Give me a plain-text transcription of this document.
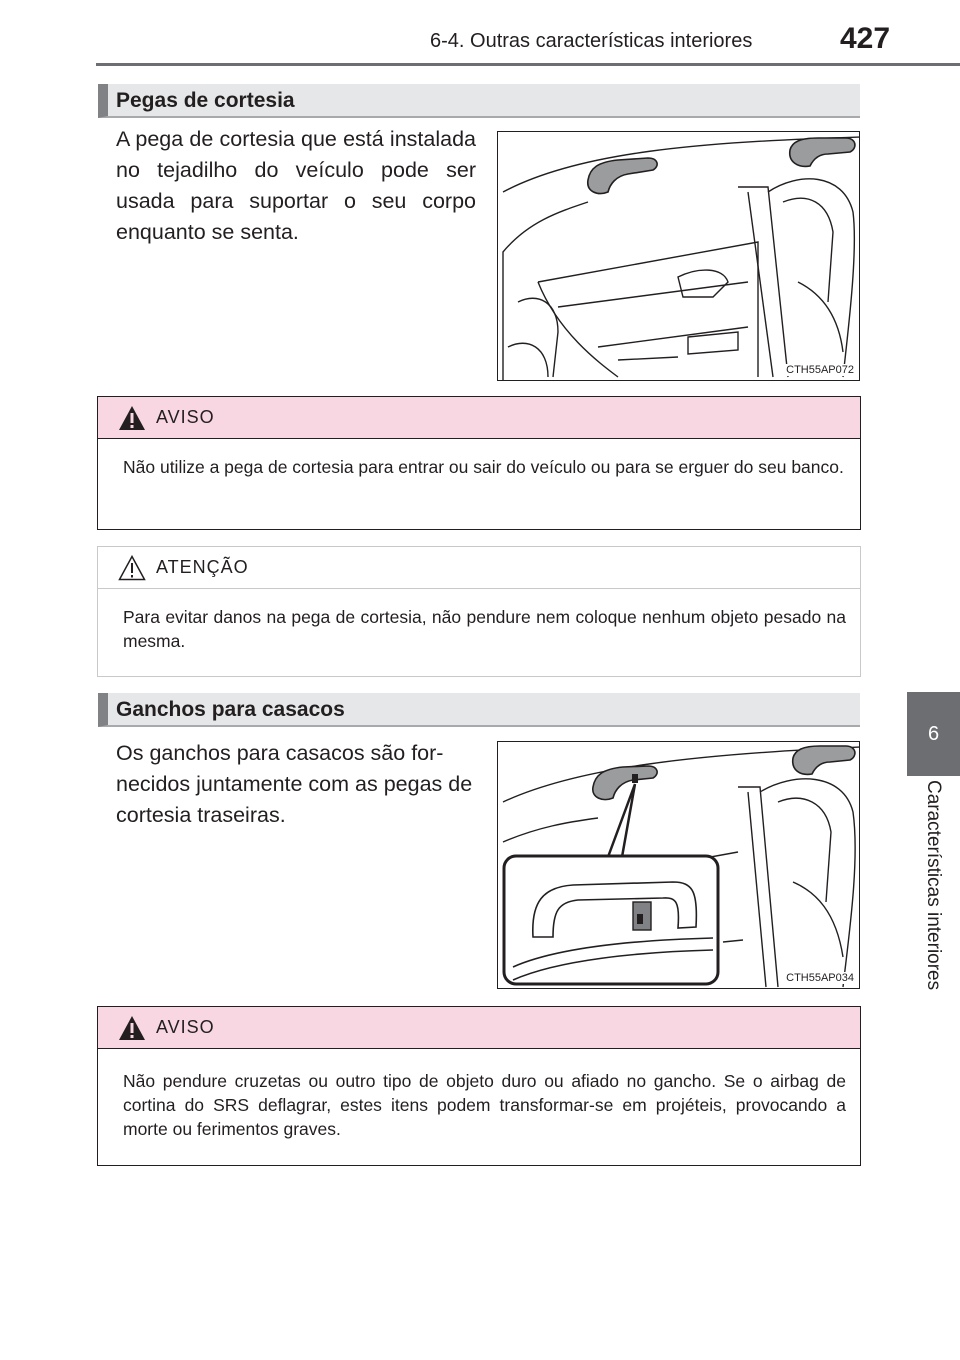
6-4. Outras características interiores	427
6
Características interiores
Pegas de cortesia
A pega de cortesia que está instalada no tejadilho do veículo pode ser usada para suportar o seu corpo enquanto se senta.
CTH55AP072
AVISO
Não utilize a pega de cortesia para entrar ou sair do veículo ou para se erguer do seu banco.
ATENÇÃO
Para evitar danos na pega de cortesia, não pendure nem coloque nenhum objeto pesado na mesma.
Ganchos para casacos
Os ganchos para casacos são fornecidos juntamente com as pegas de cortesia traseiras.
CTH55AP034
AVISO
Não pendure cruzetas ou outro tipo de objeto duro ou afiado no gancho. Se o airbag de cortina do SRS deflagrar, estes itens podem transformar-se em projéteis, provocando a morte ou ferimentos graves.
